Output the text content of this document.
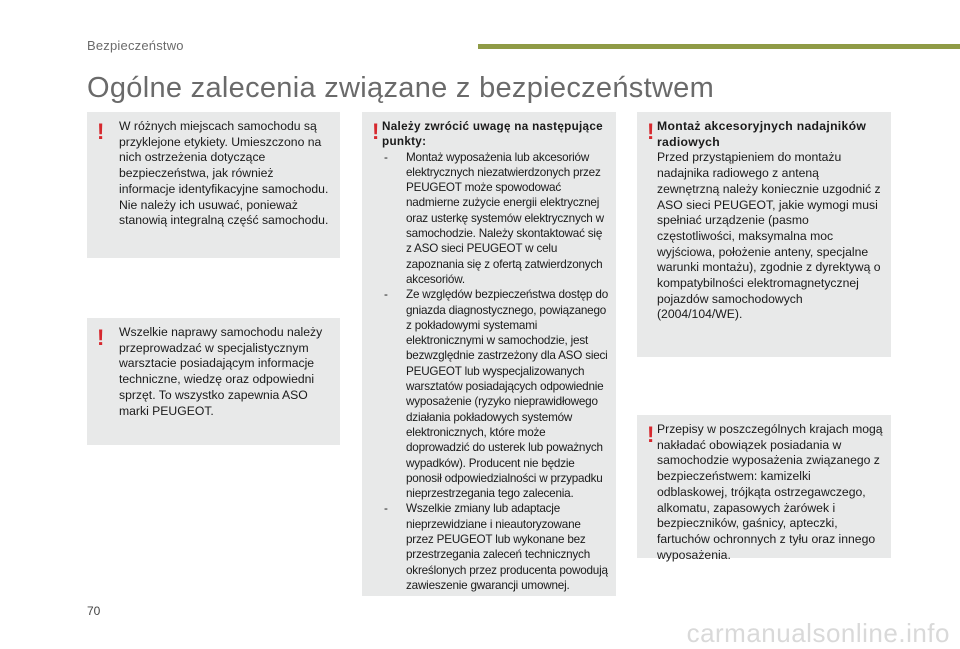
Bezpieczeństwo
Ogólne zalecenia związane z bezpieczeństwem
! W różnych miejscach samochodu są przyklejone etykiety. Umieszczono na nich ostrzeżenia dotyczące bezpieczeństwa, jak również informacje identyfikacyjne samochodu. Nie należy ich usuwać, ponieważ stanowią integralną część samochodu.
! Wszelkie naprawy samochodu należy przeprowadzać w specjalistycznym warsztacie posiadającym informacje techniczne, wiedzę oraz odpowiedni sprzęt. To wszystko zapewnia ASO marki PEUGEOT.
! Należy zwrócić uwagę na następujące punkty:
-	Montaż wyposażenia lub akcesoriów elektrycznych niezatwierdzonych przez PEUGEOT może spowodować nadmierne zużycie energii elektrycznej oraz usterkę systemów elektrycznych w samochodzie. Należy skontaktować się z ASO sieci PEUGEOT w celu zapoznania się z ofertą zatwierdzonych akcesoriów.
-	Ze względów bezpieczeństwa dostęp do gniazda diagnostycznego, powiązanego z pokładowymi systemami elektronicznymi w samochodzie, jest bezwzględnie zastrzeżony dla ASO sieci PEUGEOT lub wyspecjalizowanych warsztatów posiadających odpowiednie wyposażenie (ryzyko nieprawidłowego działania pokładowych systemów elektronicznych, które może doprowadzić do usterek lub poważnych wypadków). Producent nie będzie ponosił odpowiedzialności w przypadku nieprzestrzegania tego zalecenia.
-	Wszelkie zmiany lub adaptacje nieprzewidziane i nieautoryzowane przez PEUGEOT lub wykonane bez przestrzegania zaleceń technicznych określonych przez producenta powodują zawieszenie gwarancji umownej.
! Montaż akcesoryjnych nadajników radiowych
Przed przystąpieniem do montażu nadajnika radiowego z anteną zewnętrzną należy koniecznie uzgodnić z ASO sieci PEUGEOT, jakie wymogi musi spełniać urządzenie (pasmo częstotliwości, maksymalna moc wyjściowa, położenie anteny, specjalne warunki montażu), zgodnie z dyrektywą o kompatybilności elektromagnetycznej pojazdów samochodowych (2004/104/WE).
! Przepisy w poszczególnych krajach mogą nakładać obowiązek posiadania w samochodzie wyposażenia związanego z bezpieczeństwem: kamizelki odblaskowej, trójkąta ostrzegawczego, alkomatu, zapasowych żarówek i bezpieczników, gaśnicy, apteczki, fartuchów ochronnych z tyłu oraz innego wyposażenia.
70
carmanualsonline.info
